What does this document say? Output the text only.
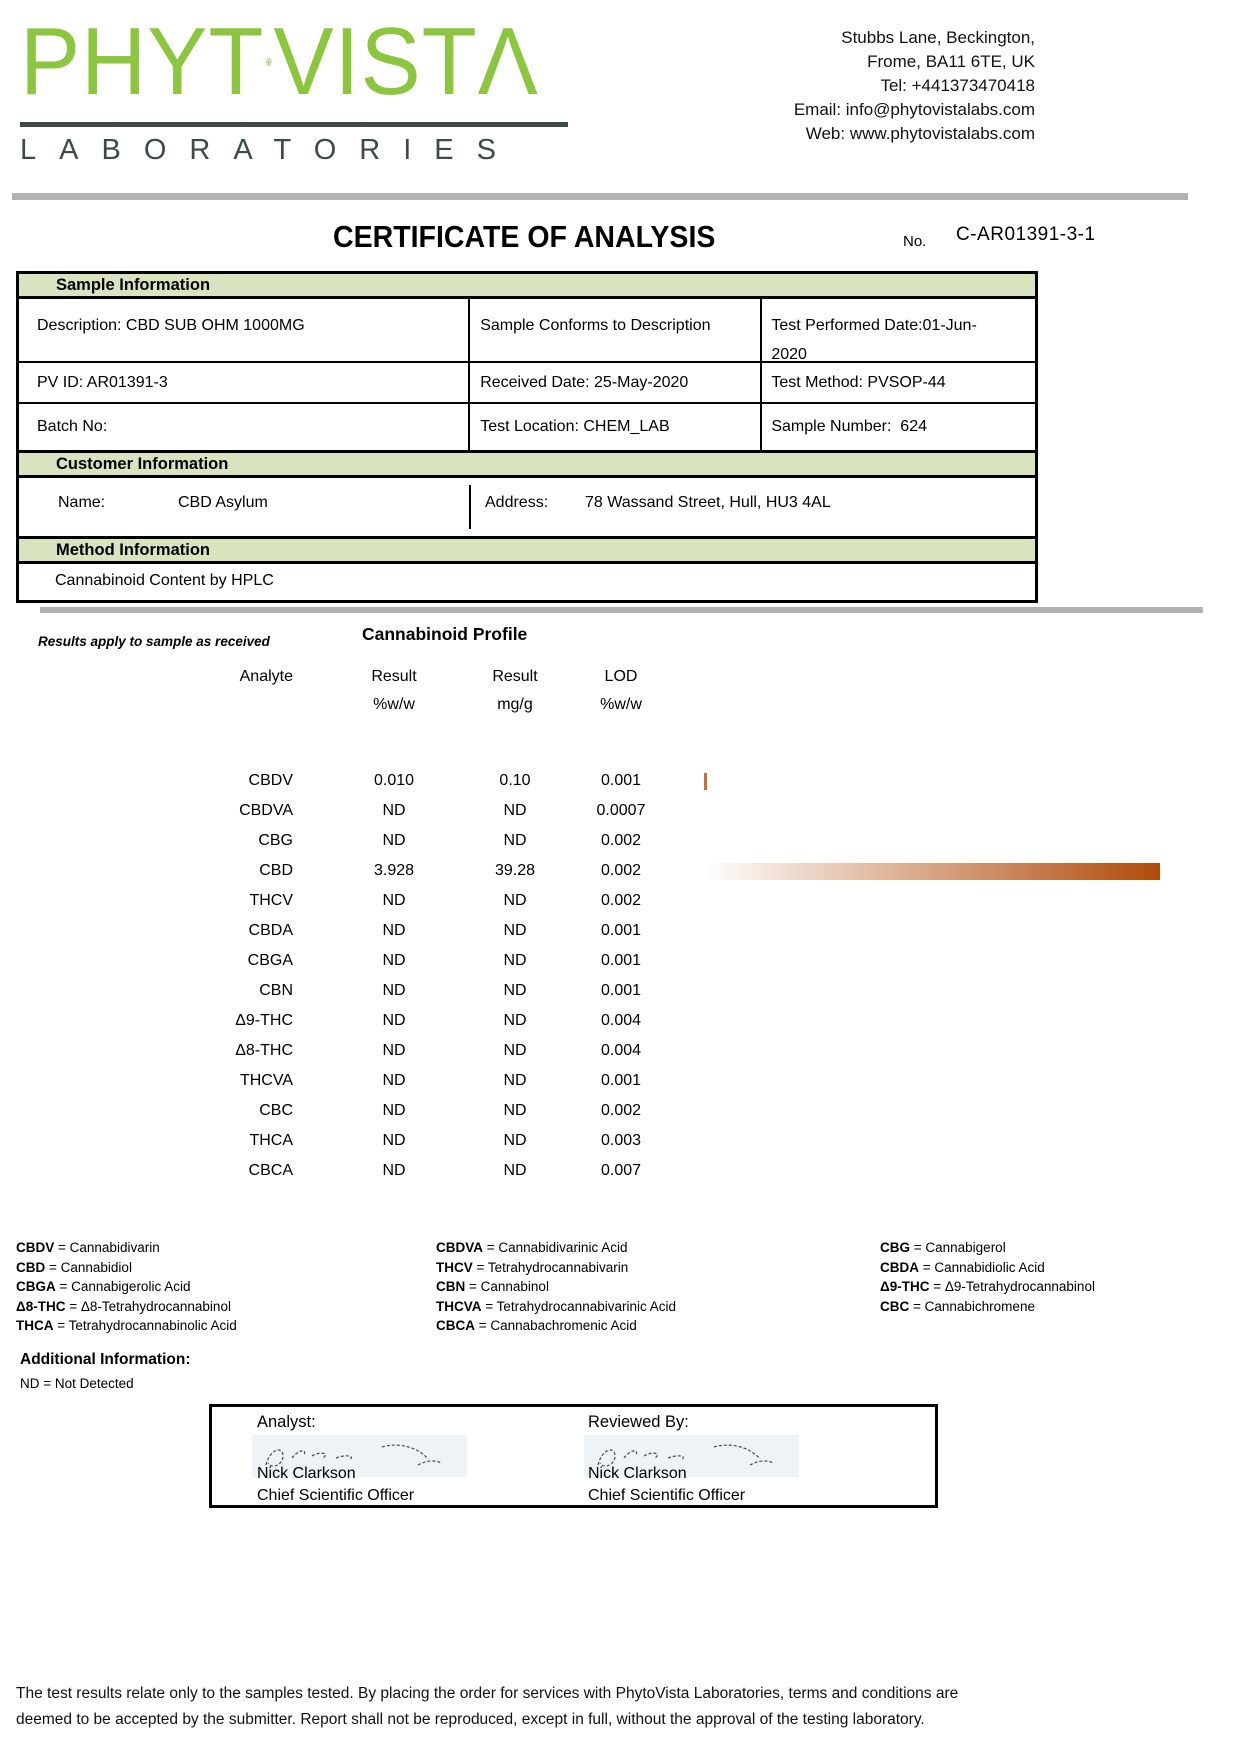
PHYT VIST Λ
LABORATORIES
Stubbs Lane, Beckington,
Frome, BA11 6TE, UK
Tel: +441373470418
Email: info@phytovistalabs.com
Web: www.phytovistalabs.com
CERTIFICATE OF ANALYSIS	No. C-AR01391-3-1
Sample Information
Description: CBD SUB OHM 1000MG	Sample Conforms to Description	Test Performed Date:01-Jun-2020
PV ID: AR01391-3	Received Date: 25-May-2020	Test Method: PVSOP-44
Batch No:	Test Location: CHEM_LAB	Sample Number:  624
Customer Information
Name:	CBD Asylum	Address: 78 Wassand Street, Hull, HU3 4AL
Method Information
Cannabinoid Content by HPLC
Results apply to sample as received	Cannabinoid Profile
Analyte	Result	Result	LOD
%w/w	mg/g	%w/w
CBDV	0.010	0.10	0.001
CBDVA	ND	ND	0.0007
CBG	ND	ND	0.002
CBD	3.928	39.28	0.002
THCV	ND	ND	0.002
CBDA	ND	ND	0.001
CBGA	ND	ND	0.001
CBN	ND	ND	0.001
Δ9-THC	ND	ND	0.004
Δ8-THC	ND	ND	0.004
THCVA	ND	ND	0.001
CBC	ND	ND	0.002
THCA	ND	ND	0.003
CBCA	ND	ND	0.007
CBDV = Cannabidivarin
CBD = Cannabidiol
CBGA = Cannabigerolic Acid
Δ8-THC = Δ8-Tetrahydrocannabinol
THCA = Tetrahydrocannabinolic Acid
CBDVA = Cannabidivarinic Acid
THCV = Tetrahydrocannabivarin
CBN = Cannabinol
THCVA = Tetrahydrocannabivarinic Acid
CBCA = Cannabachromenic Acid
CBG = Cannabigerol
CBDA = Cannabidiolic Acid
Δ9-THC = Δ9-Tetrahydrocannabinol
CBC = Cannabichromene
Additional Information:
ND = Not Detected
Analyst:	Reviewed By:
Nick Clarkson	Nick Clarkson
Chief Scientific Officer	Chief Scientific Officer
The test results relate only to the samples tested. By placing the order for services with PhytoVista Laboratories, terms and conditions are
deemed to be accepted by the submitter. Report shall not be reproduced, except in full, without the approval of the testing laboratory.
